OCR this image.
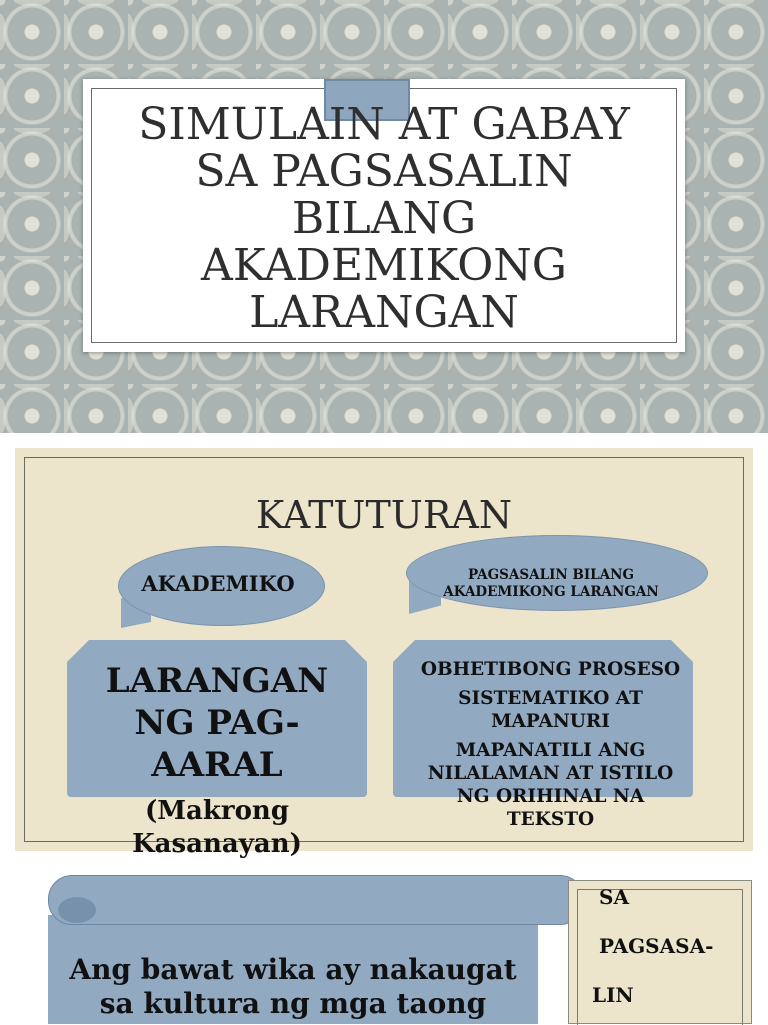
SIMULAIN AT GABAY
SA PAGSASALIN
BILANG
AKADEMIKONG
LARANGAN
KATUTURAN
AKADEMIKO	PAGSASALIN BILANG
AKADEMIKONG LARANGAN
LARANGAN
NG PAG-
AARAL
(Makrong
Kasanayan)
OBHETIBONG PROSESO
SISTEMATIKO AT
MAPANURI
MAPANATILI ANG
NILALAMAN AT ISTILO
NG ORIHINAL NA
TEKSTO
Ang bawat wika ay nakaugat
sa kultura ng mga taong
SA
PAGSASA-
LIN
